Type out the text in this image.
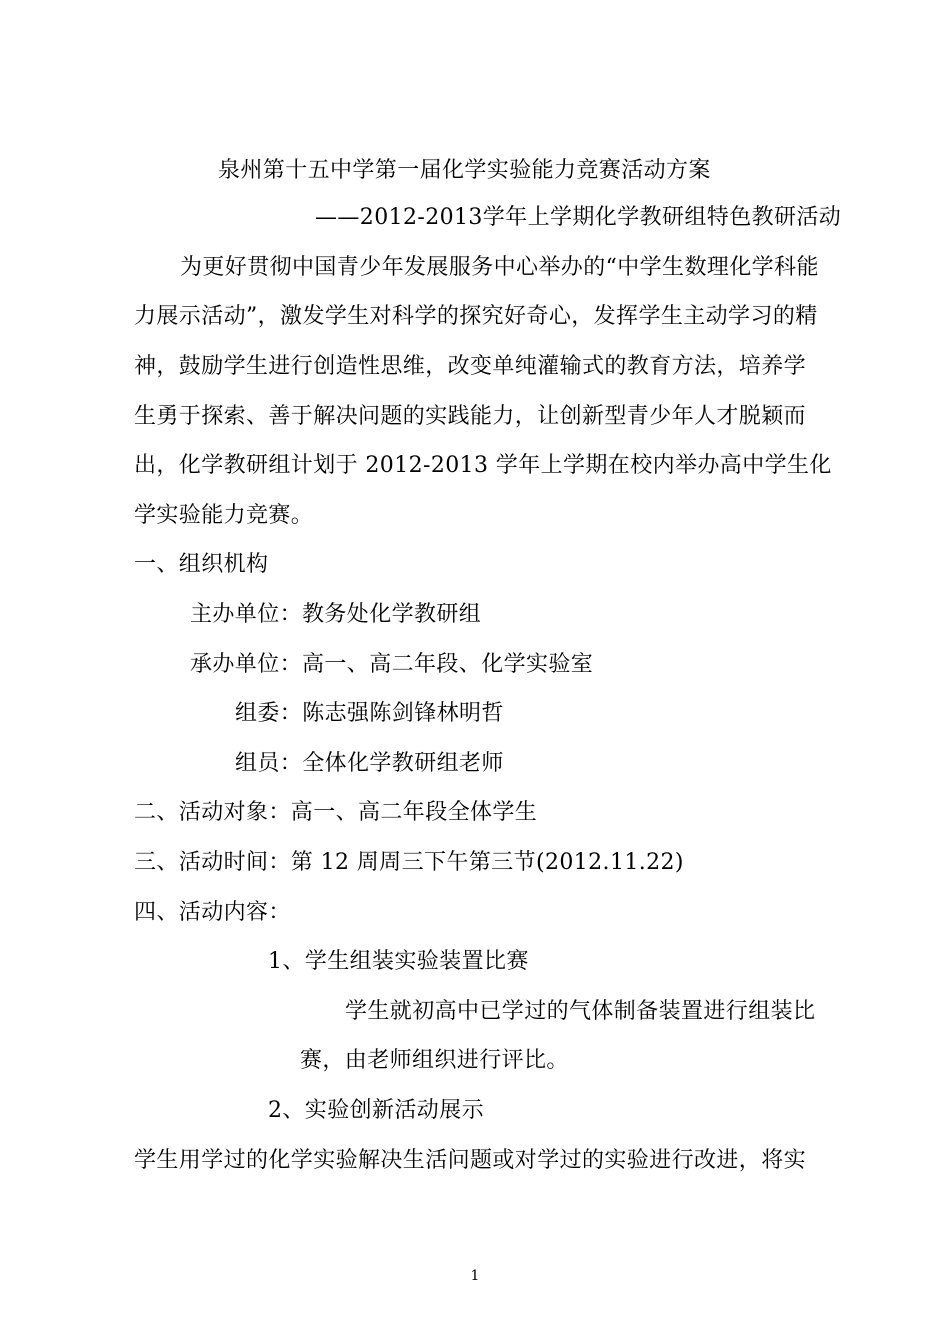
泉州第十五中学第一届化学实验能力竞赛活动方案
——2012-2013学年上学期化学教研组特色教研活动
为更好贯彻中国青少年发展服务中心举办的“中学生数理化学科能
力展示活动”，激发学生对科学的探究好奇心，发挥学生主动学习的精
神，鼓励学生进行创造性思维，改变单纯灌输式的教育方法，培养学
生勇于探索、善于解决问题的实践能力，让创新型青少年人才脱颖而
出，化学教研组计划于 2012-2013 学年上学期在校内举办高中学生化
学实验能力竞赛。
一、组织机构
主办单位：教务处化学教研组
承办单位：高一、高二年段、化学实验室
组委：陈志强陈剑锋林明哲
组员：全体化学教研组老师
二、活动对象：高一、高二年段全体学生
三、活动时间：第 12 周周三下午第三节(2012.11.22)
四、活动内容：
1、学生组装实验装置比赛
学生就初高中已学过的气体制备装置进行组装比
赛，由老师组织进行评比。
2、实验创新活动展示
学生用学过的化学实验解决生活问题或对学过的实验进行改进，将实
1
